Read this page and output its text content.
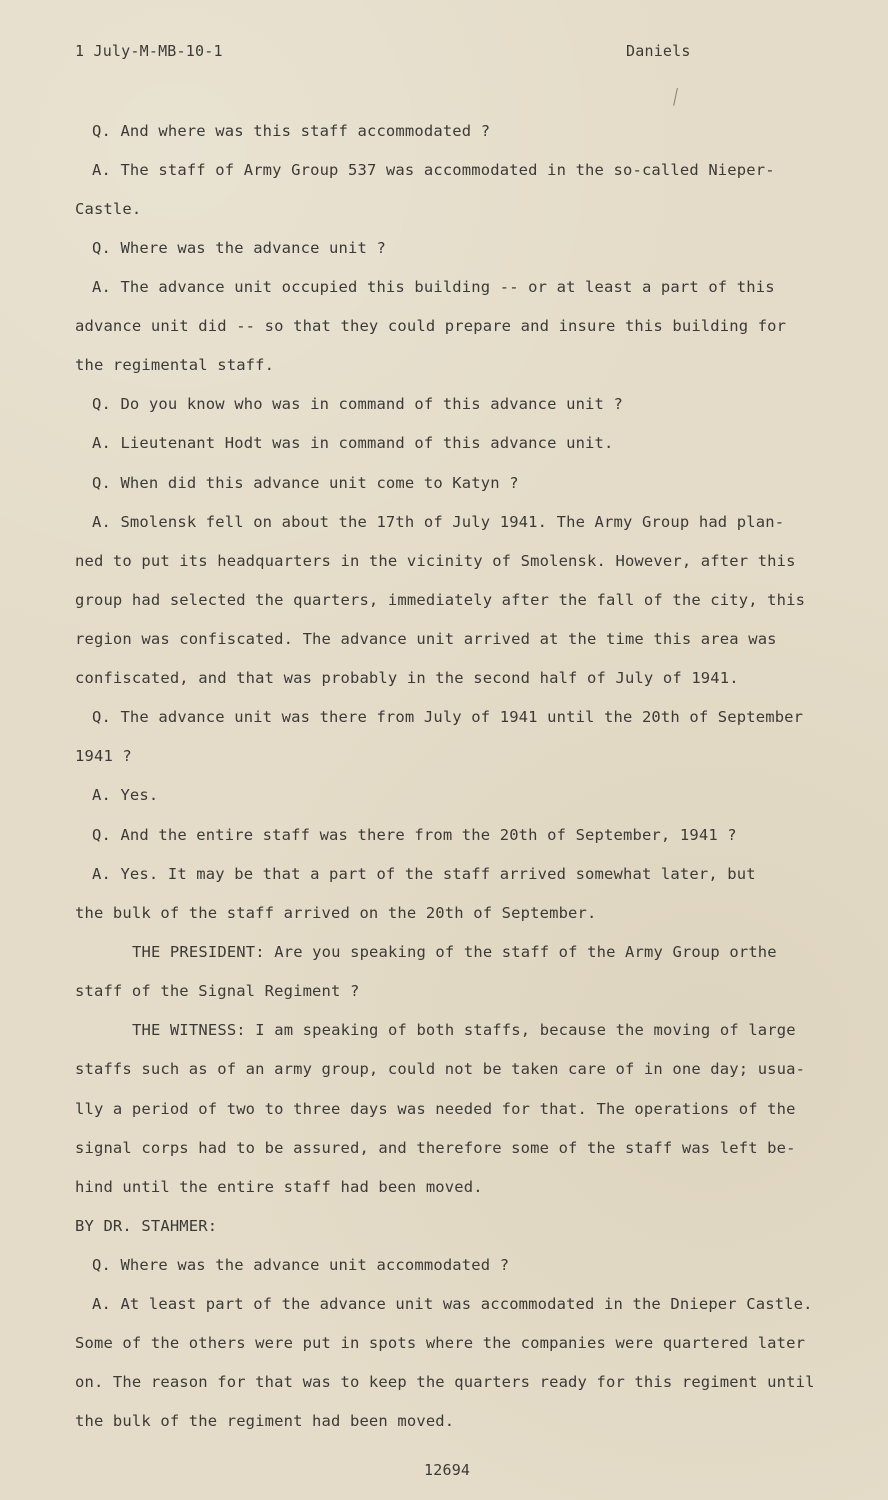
1 July-M-MB-10-1	Daniels
Q. And where was this staff accommodated ?
A. The staff of Army Group 537 was accommodated in the so-called Nieper-
Castle.
Q. Where was the advance unit ?
A. The advance unit occupied this building -- or at least a part of this
advance unit did -- so that they could prepare and insure this building for
the regimental staff.
Q. Do you know who was in command of this advance unit ?
A. Lieutenant Hodt was in command of this advance unit.
Q. When did this advance unit come to Katyn ?
A. Smolensk fell on about the 17th of July 1941. The Army Group had plan-
ned to put its headquarters in the vicinity of Smolensk. However, after this
group had selected the quarters, immediately after the fall of the city, this
region was confiscated. The advance unit arrived at the time this area was
confiscated, and that was probably in the second half of July of 1941.
Q. The advance unit was there from July of 1941 until the 20th of September
1941 ?
A. Yes.
Q. And the entire staff was there from the 20th of September, 1941 ?
A. Yes. It may be that a part of the staff arrived somewhat later, but
the bulk of the staff arrived on the 20th of September.
THE PRESIDENT: Are you speaking of the staff of the Army Group orthe
staff of the Signal Regiment ?
THE WITNESS: I am speaking of both staffs, because the moving of large
staffs such as of an army group, could not be taken care of in one day; usua-
lly a period of two to three days was needed for that. The operations of the
signal corps had to be assured, and therefore some of the staff was left be-
hind until the entire staff had been moved.
BY DR. STAHMER:
Q. Where was the advance unit accommodated ?
A. At least part of the advance unit was accommodated in the Dnieper Castle.
Some of the others were put in spots where the companies were quartered later
on. The reason for that was to keep the quarters ready for this regiment until
the bulk of the regiment had been moved.
12694
